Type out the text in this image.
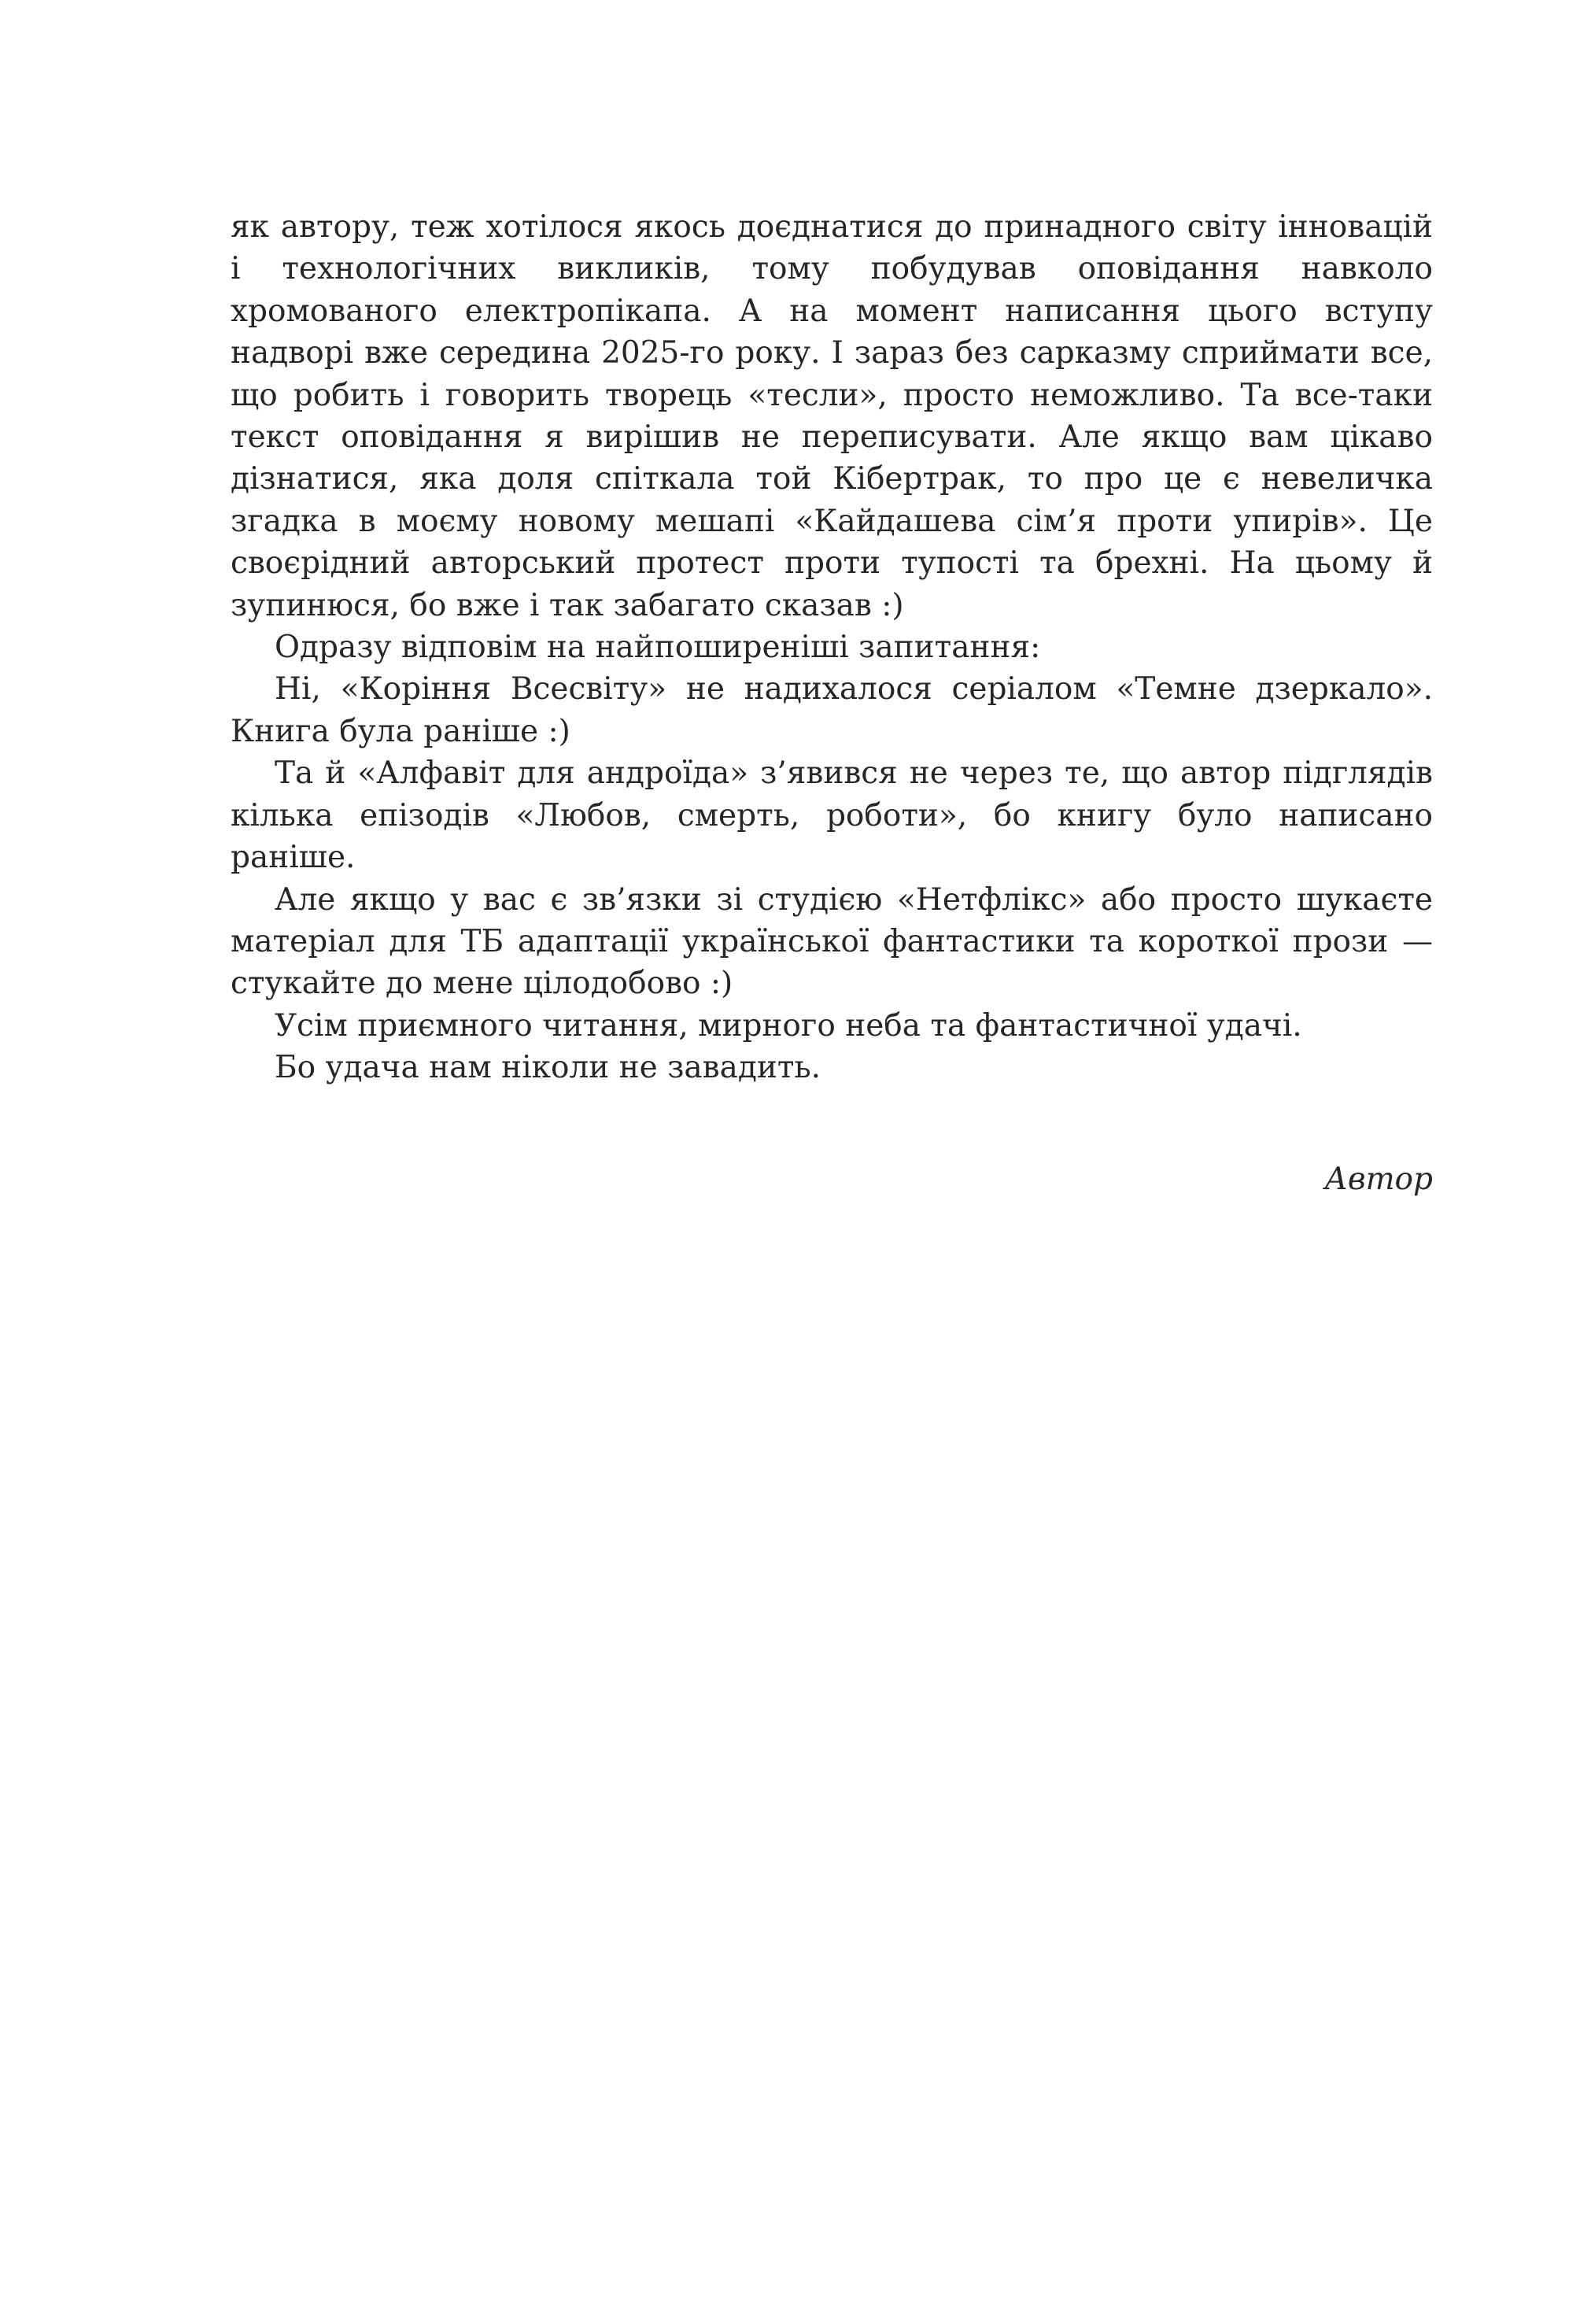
як автору, теж хотілося якось доєднатися до принадного світу інновацій і технологічних викликів, тому побудував оповідання навколо хромованого електропікапа. А на момент написання цього вступу надворі вже середина 2025-го року. І зараз без сарказму сприймати все, що робить і говорить творець «тесли», просто неможливо. Та все-таки текст оповідання я вирішив не переписувати. Але якщо вам цікаво дізнатися, яка доля спіткала той Кібертрак, то про це є невеличка згадка в моєму новому мешапі «Кайдашева сім’я проти упирів». Це своєрідний авторський протест проти тупості та брехні. На цьому й зупинюся, бо вже і так забагато сказав :)

Одразу відповім на найпоширеніші запитання:

Ні, «Коріння Всесвіту» не надихалося серіалом «Темне дзеркало». Книга була раніше :)

Та й «Алфавіт для андроїда» з’явився не через те, що автор підглядів кілька епізодів «Любов, смерть, роботи», бо книгу було написано раніше.

Але якщо у вас є зв’язки зі студією «Нетфлікс» або просто шукаєте матеріал для ТБ адаптації української фантастики та короткої прози — стукайте до мене цілодобово :)

Усім приємного читання, мирного неба та фантастичної удачі.

Бо удача нам ніколи не завадить.

Автор
